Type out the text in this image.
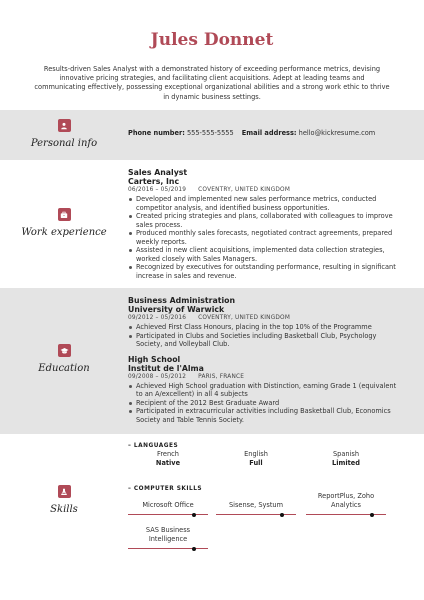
Jules Donnet

Results-driven Sales Analyst with a demonstrated history of exceeding performance metrics, devising innovative pricing strategies, and facilitating client acquisitions. Adept at leading teams and communicating effectively, possessing exceptional organizational abilities and a strong work ethic to thrive in dynamic business settings.

Personal info
Phone number: 555-555-5555 Email address: hello@kickresume.com
Work experience
Sales Analyst
Carters, Inc
06/2016 – 05/2019 COVENTRY, UNITED KINGDOM
Developed and implemented new sales performance metrics, conducted competitor analysis, and identified business opportunities.
Created pricing strategies and plans, collaborated with colleagues to improve sales process.
Produced monthly sales forecasts, negotiated contract agreements, prepared weekly reports.
Assisted in new client acquisitions, implemented data collection strategies, worked closely with Sales Managers.
Recognized by executives for outstanding performance, resulting in significant increase in sales and revenue.
Education
Business Administration
University of Warwick
09/2012 – 05/2016 COVENTRY, UNITED KINGDOM
Achieved First Class Honours, placing in the top 10% of the Programme
Participated in Clubs and Societies including Basketball Club, Psychology Society, and Volleyball Club.
High School
Institut de l'Alma
09/2008 – 05/2012 PARIS, FRANCE
Achieved High School graduation with Distinction, earning Grade 1 (equivalent to an A/excellent) in all 4 subjects
Recipient of the 2012 Best Graduate Award
Participated in extracurricular activities including Basketball Club, Economics Society and Table Tennis Society.
Skills
– LANGUAGES
French
Native
English
Full
Spanish
Limited
– COMPUTER SKILLS
Microsoft Office	Sisense, Systum
ReportPlus, Zoho Analytics
SAS Business Intelligence
